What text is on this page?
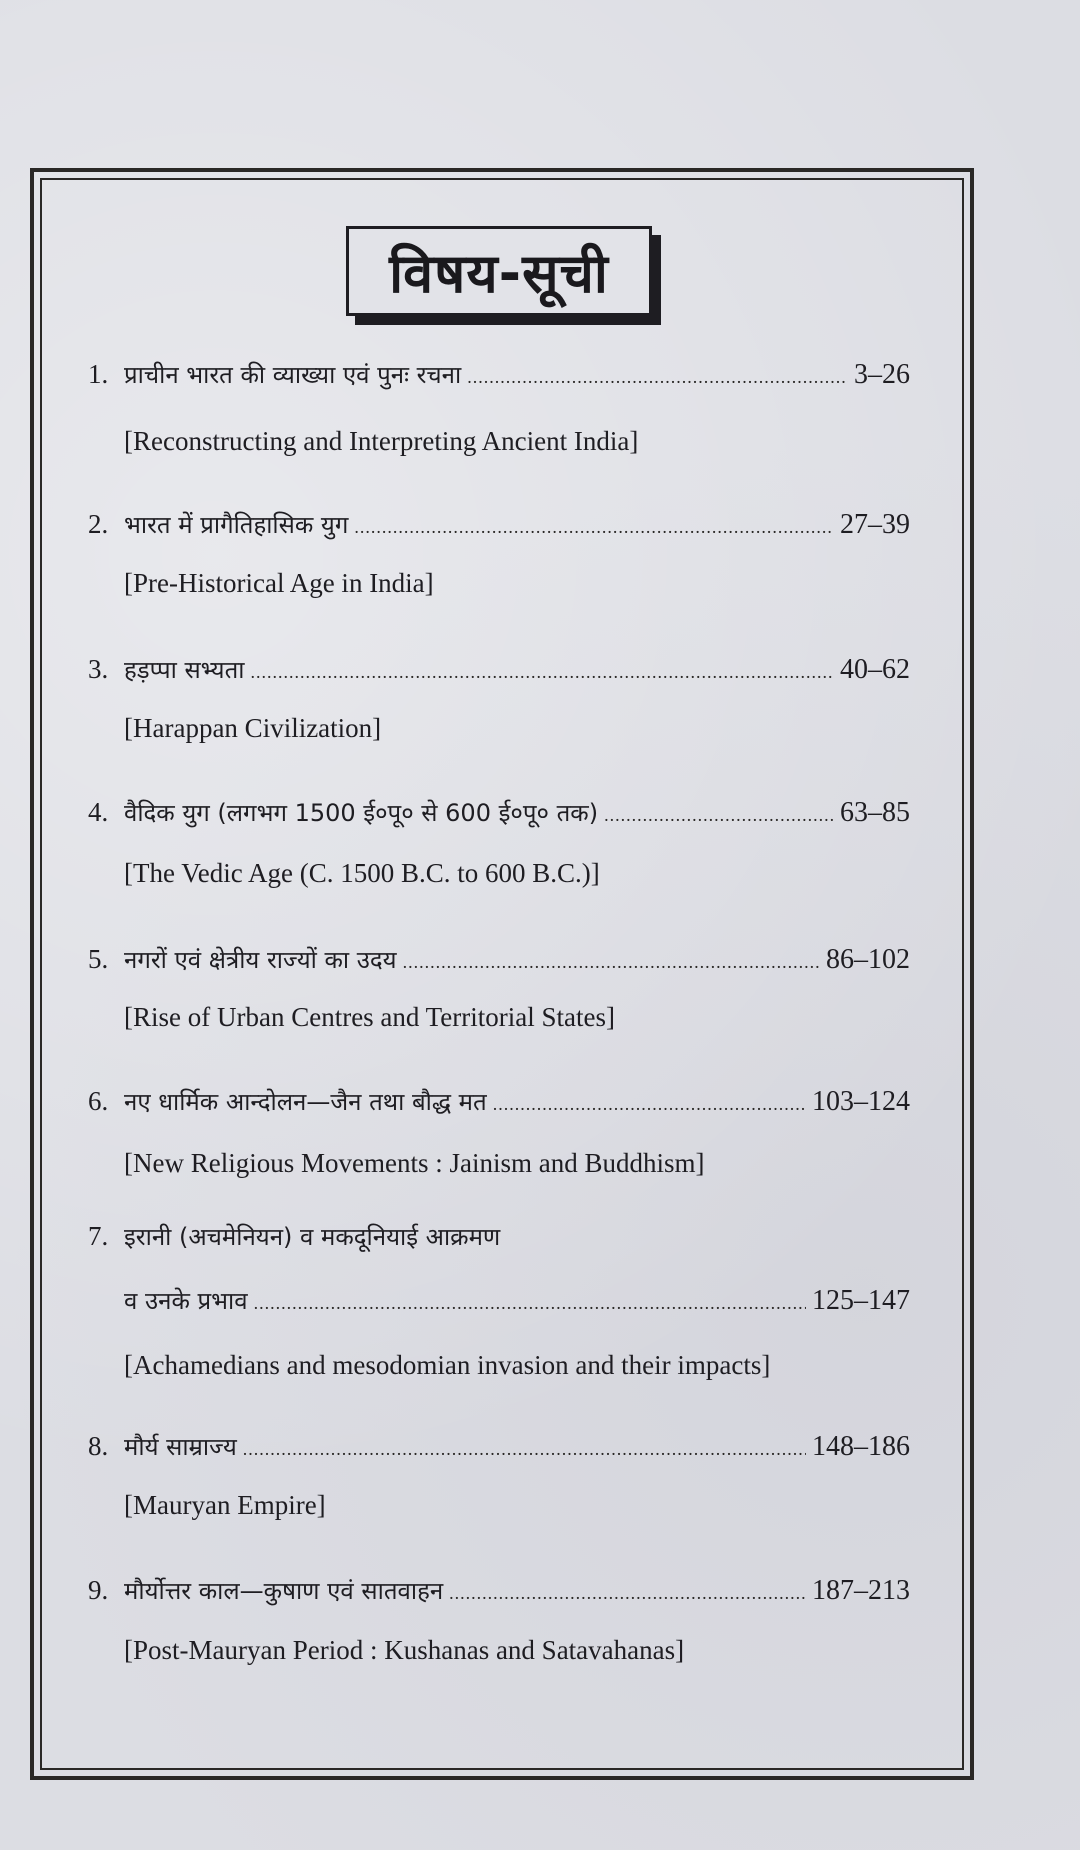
विषय-सूची
1. प्राचीन भारत की व्याख्या एवं पुनः रचना .....	3–26
[Reconstructing and Interpreting Ancient India]
2. भारत में प्रागैतिहासिक युग .....	27–39
[Pre-Historical Age in India]
3. हड़प्पा सभ्यता .....	40–62
[Harappan Civilization]
4. वैदिक युग (लगभग 1500 ई०पू० से 600 ई०पू० तक) .....	63–85
[The Vedic Age (C. 1500 B.C. to 600 B.C.)]
5. नगरों एवं क्षेत्रीय राज्यों का उदय .....	86–102
[Rise of Urban Centres and Territorial States]
6. नए धार्मिक आन्दोलन—जैन तथा बौद्ध मत .....	103–124
[New Religious Movements : Jainism and Buddhism]
7. इरानी (अचमेनियन) व मकदूनियाई आक्रमण
व उनके प्रभाव .....	125–147
[Achamedians and mesodomian invasion and their impacts]
8. मौर्य साम्राज्य .....	148–186
[Mauryan Empire]
9. मौर्योत्तर काल—कुषाण एवं सातवाहन .....	187–213
[Post-Mauryan Period : Kushanas and Satavahanas]
